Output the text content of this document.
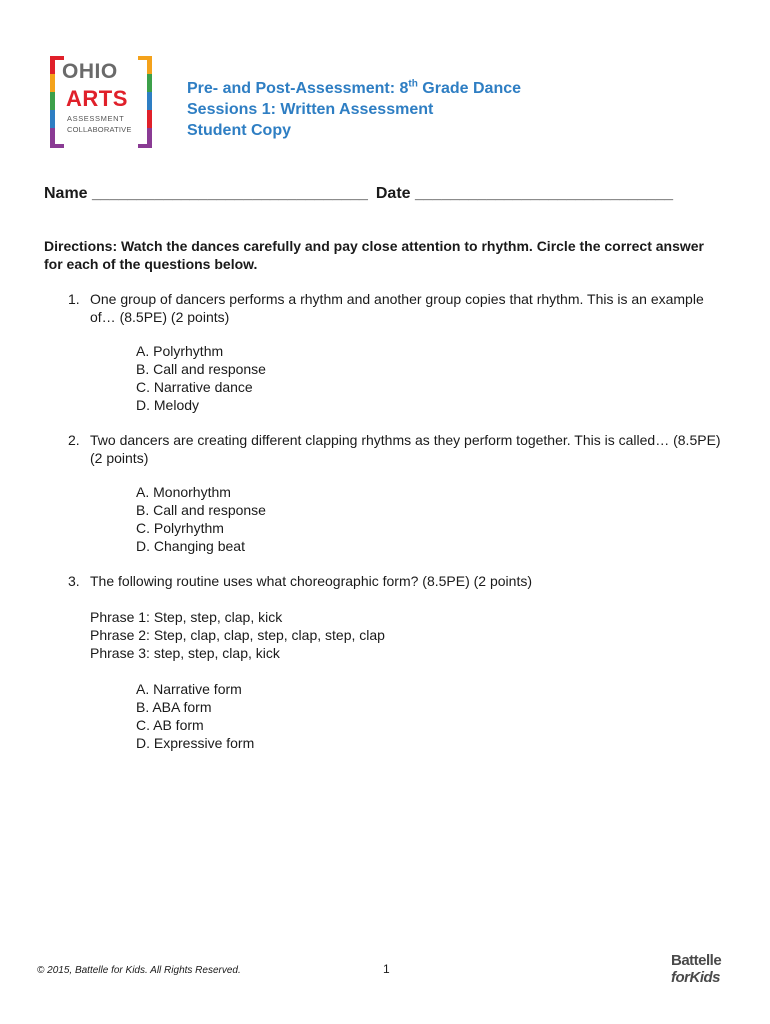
OHIO
ARTS
ASSESSMENT
COLLABORATIVE
Pre- and Post-Assessment: 8th Grade Dance
Sessions 1: Written Assessment
Student Copy
Name _______________________________ Date _____________________________
Directions: Watch the dances carefully and pay close attention to rhythm. Circle the correct answer for each of the questions below.
1. One group of dancers performs a rhythm and another group copies that rhythm. This is an example of… (8.5PE) (2 points)
A. Polyrhythm
B. Call and response
C. Narrative dance
D. Melody
2. Two dancers are creating different clapping rhythms as they perform together. This is called… (8.5PE) (2 points)
A. Monorhythm
B. Call and response
C. Polyrhythm
D. Changing beat
3. The following routine uses what choreographic form? (8.5PE) (2 points)
Phrase 1: Step, step, clap, kick
Phrase 2: Step, clap, clap, step, clap, step, clap
Phrase 3: step, step, clap, kick
A. Narrative form
B. ABA form
C. AB form
D. Expressive form
© 2015, Battelle for Kids. All Rights Reserved.	1	Battelle
forKids
